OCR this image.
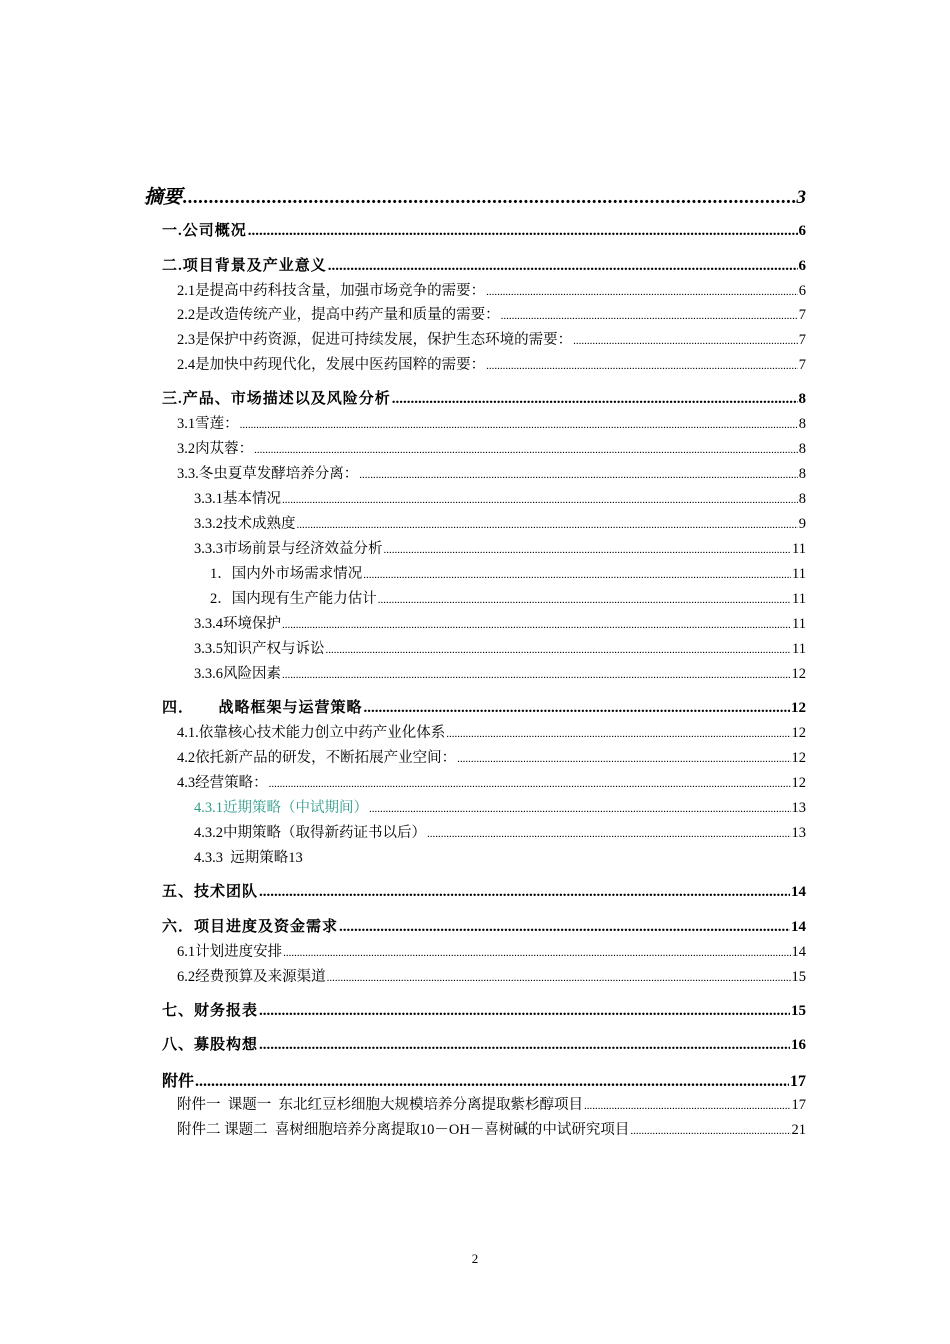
摘要 .....	3
一.公司概况 .....	6
二.项目背景及产业意义 .....	6
2.1是提高中药科技含量，加强市场竞争的需要： .....	6
2.2是改造传统产业，提高中药产量和质量的需要： .....	7
2.3是保护中药资源，促进可持续发展，保护生态环境的需要： .....	7
2.4是加快中药现代化，发展中医药国粹的需要： .....	7
三.产品、市场描述以及风险分析 .....	8
3.1雪莲： .....	8
3.2肉苁蓉： .....	8
3.3.冬虫夏草发酵培养分离： .....	8
3.3.1基本情况 .....	8
3.3.2技术成熟度 .....	9
3.3.3市场前景与经济效益分析 .....	11
1．国内外市场需求情况 .....	11
2．国内现有生产能力估计 .....	11
3.3.4环境保护 .....	11
3.3.5知识产权与诉讼 .....	11
3.3.6风险因素 .....	12
四．　　战略框架与运营策略 .....	12
4.1.依靠核心技术能力创立中药产业化体系 .....	12
4.2依托新产品的研发，不断拓展产业空间： .....	12
4.3经营策略： .....	12
4.3.1近期策略（中试期间） .....	13
4.3.2中期策略（取得新药证书以后） .....	13
4.3.3  远期策略13
五、技术团队 .....	14
六．项目进度及资金需求 .....	14
6.1计划进度安排 .....	14
6.2经费预算及来源渠道 .....	15
七、财务报表 .....	15
八、募股构想 .....	16
附件 .....	17
附件一  课题一  东北红豆杉细胞大规模培养分离提取紫杉醇项目 .....	17
附件二 课题二  喜树细胞培养分离提取10－OH－喜树碱的中试研究项目 .....	21
2
